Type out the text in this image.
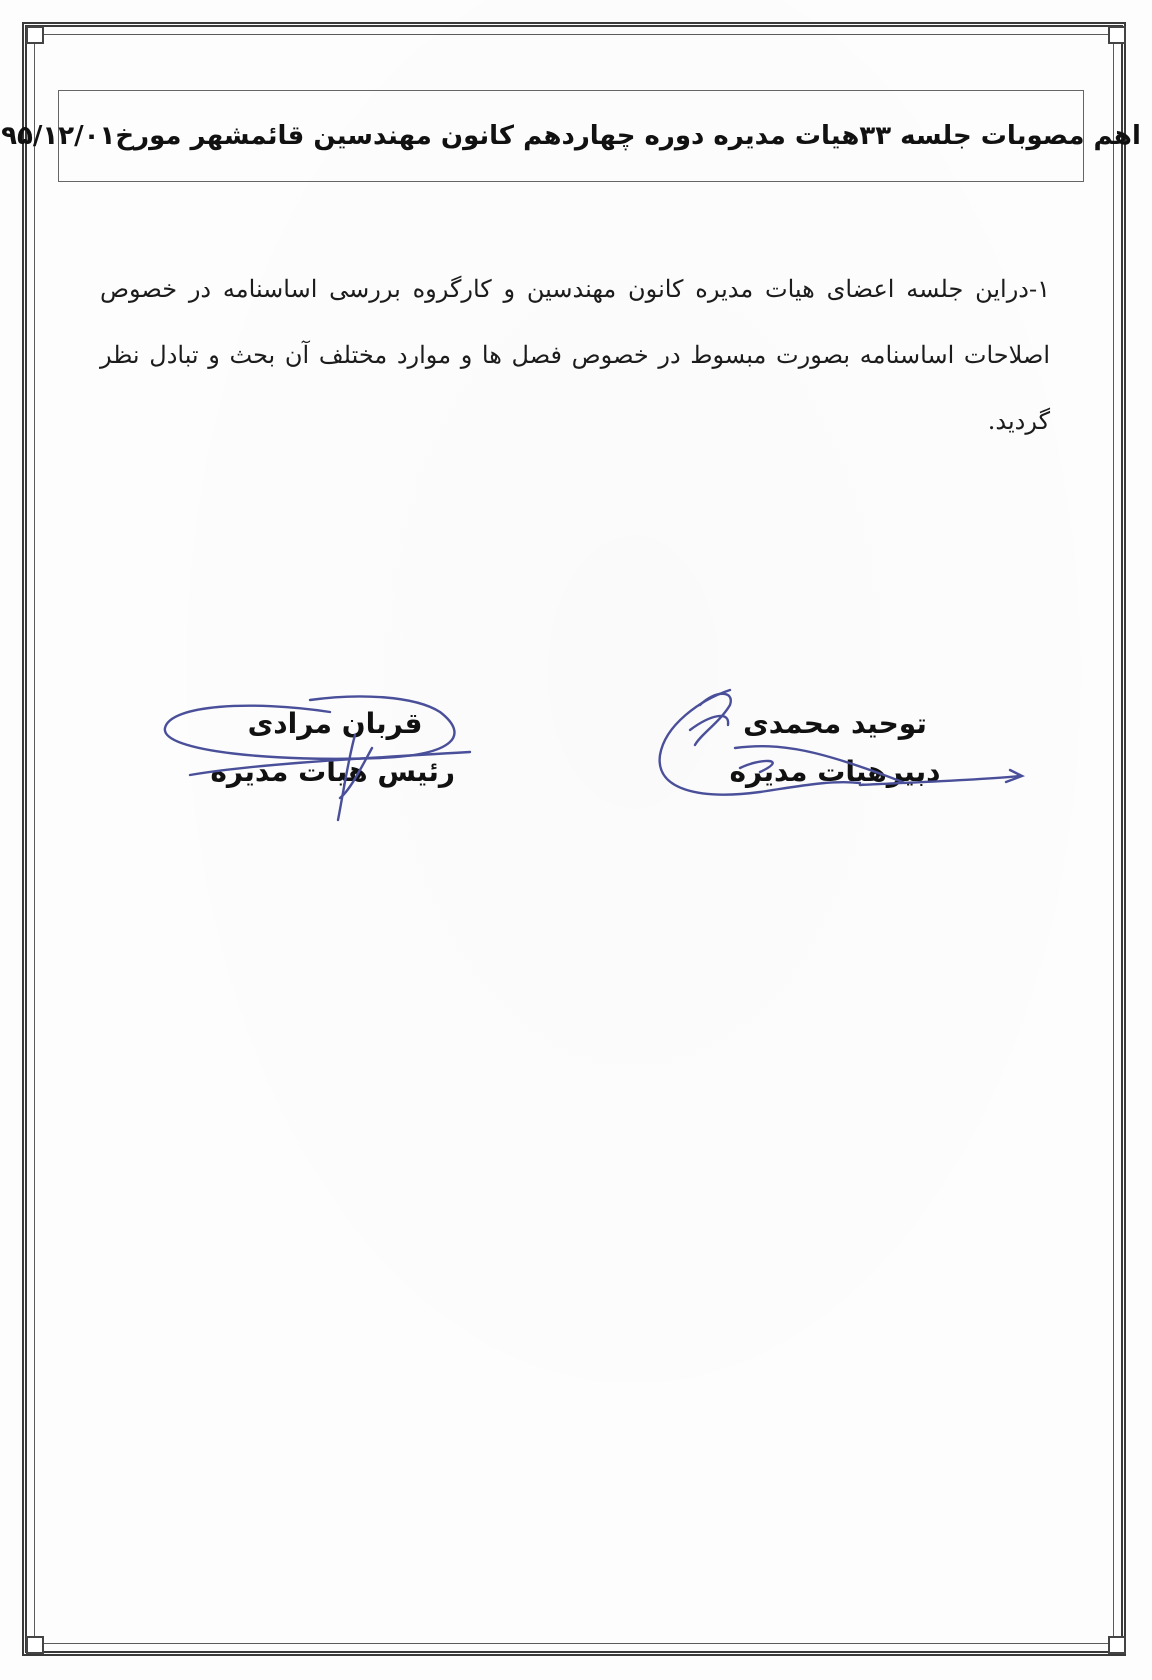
اهم مصوبات جلسه ۳۳هیات مدیره دوره چهاردهم کانون مهندسین قائمشهر مورخ۹۵/۱۲/۰۱
۱-دراین جلسه اعضای هیات مدیره کانون مهندسین و کارگروه بررسی اساسنامه در خصوص اصلاحات اساسنامه بصورت مبسوط در خصوص فصل ها و موارد مختلف آن بحث و تبادل نظر گردید.
قربان مرادی
رئیس هیات مدیره
توحید محمدی
دبیرهیات مدیره
